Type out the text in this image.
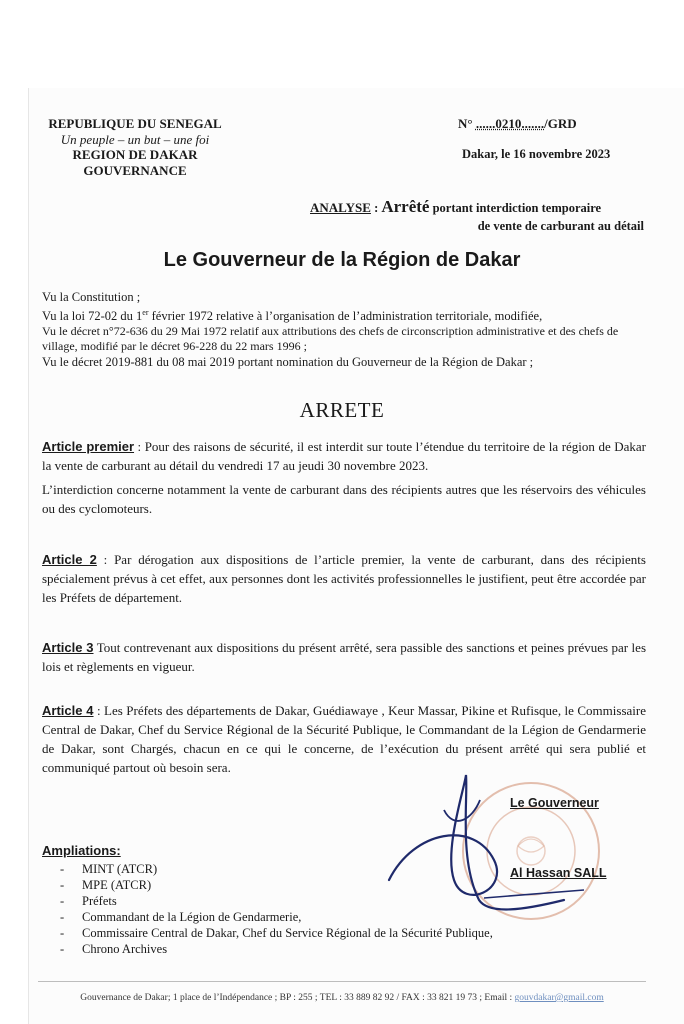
REPUBLIQUE DU SENEGAL
Un peuple – un but – une foi
REGION DE DAKAR
GOUVERNANCE
N° ......0210......./GRD
Dakar, le 16 novembre 2023
ANALYSE : Arrêté portant interdiction temporaire
de vente de carburant au détail
Le Gouverneur de la Région de Dakar
Vu la Constitution ;
Vu la loi 72-02 du 1er février 1972 relative à l’organisation de l’administration territoriale, modifiée,
Vu le décret n°72-636 du 29 Mai 1972 relatif aux attributions des chefs de circonscription administrative et des chefs de village, modifié par le décret 96-228 du 22 mars 1996 ;
Vu le décret 2019-881 du 08 mai 2019 portant nomination du Gouverneur de la Région de Dakar ;
ARRETE
Article premier : Pour des raisons de sécurité, il est interdit sur toute l’étendue du territoire de la région de Dakar la vente de carburant au détail du vendredi 17 au jeudi 30 novembre 2023.
L’interdiction concerne notamment la vente de carburant dans des récipients autres que les réservoirs des véhicules ou des cyclomoteurs.
Article 2 : Par dérogation aux dispositions de l’article premier, la vente de carburant, dans des récipients spécialement prévus à cet effet, aux personnes dont les activités professionnelles le justifient, peut être accordée par les Préfets de département.
Article 3 Tout contrevenant aux dispositions du présent arrêté, sera passible des sanctions et peines prévues par les lois et règlements en vigueur.
Article 4 : Les Préfets des départements de Dakar, Guédiawaye , Keur Massar, Pikine et Rufisque, le Commissaire Central de Dakar, Chef du Service Régional de la Sécurité Publique, le Commandant de la Légion de Gendarmerie de Dakar, sont Chargés, chacun en ce qui le concerne, de l’exécution du présent arrêté qui sera publié et communiqué partout où besoin sera.
Le Gouverneur
Al Hassan SALL
Ampliations:
- MINT (ATCR)
- MPE (ATCR)
- Préfets
- Commandant de la Légion de Gendarmerie,
- Commissaire Central de Dakar, Chef du Service Régional de la Sécurité Publique,
- Chrono Archives
Gouvernance de Dakar; 1 place de l’Indépendance ; BP : 255 ; TEL : 33 889 82 92 / FAX : 33 821 19 73 ; Email : gouvdakar@gmail.com
